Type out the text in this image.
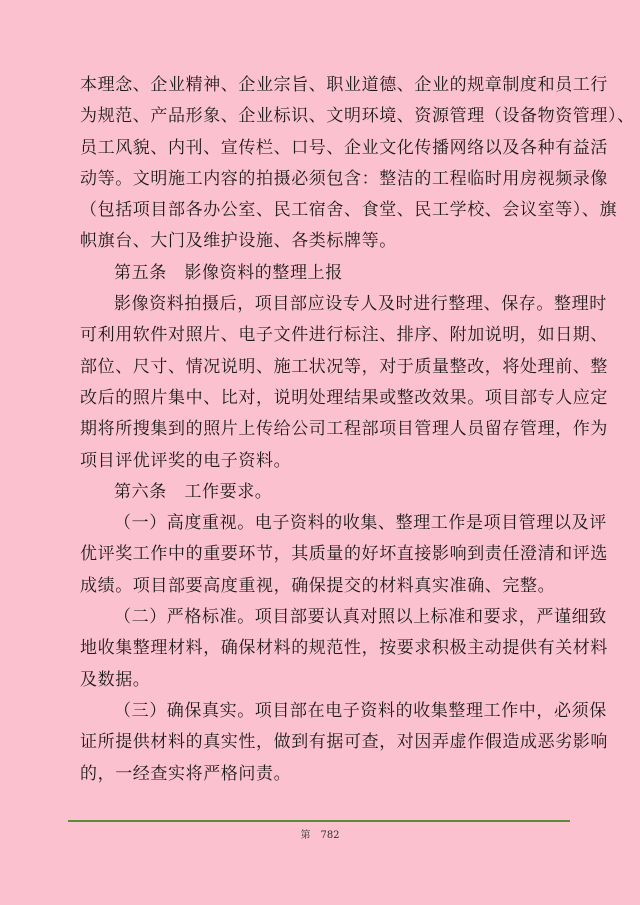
本理念、企业精神、企业宗旨、职业道德、企业的规章制度和员工行
为规范、产品形象、企业标识、文明环境、资源管理（设备物资管理）、
员工风貌、内刊、宣传栏、口号、企业文化传播网络以及各种有益活
动等。文明施工内容的拍摄必须包含：整洁的工程临时用房视频录像
（包括项目部各办公室、民工宿舍、食堂、民工学校、会议室等）、旗
帜旗台、大门及维护设施、各类标牌等。
第五条　影像资料的整理上报
影像资料拍摄后，项目部应设专人及时进行整理、保存。整理时
可利用软件对照片、电子文件进行标注、排序、附加说明，如日期、
部位、尺寸、情况说明、施工状况等，对于质量整改，将处理前、整
改后的照片集中、比对，说明处理结果或整改效果。项目部专人应定
期将所搜集到的照片上传给公司工程部项目管理人员留存管理，作为
项目评优评奖的电子资料。
第六条　工作要求。
（一）高度重视。电子资料的收集、整理工作是项目管理以及评
优评奖工作中的重要环节，其质量的好坏直接影响到责任澄清和评选
成绩。项目部要高度重视，确保提交的材料真实准确、完整。
（二）严格标准。项目部要认真对照以上标准和要求，严谨细致
地收集整理材料，确保材料的规范性，按要求积极主动提供有关材料
及数据。
（三）确保真实。项目部在电子资料的收集整理工作中，必须保
证所提供材料的真实性，做到有据可查，对因弄虚作假造成恶劣影响
的，一经查实将严格问责。
第　782
